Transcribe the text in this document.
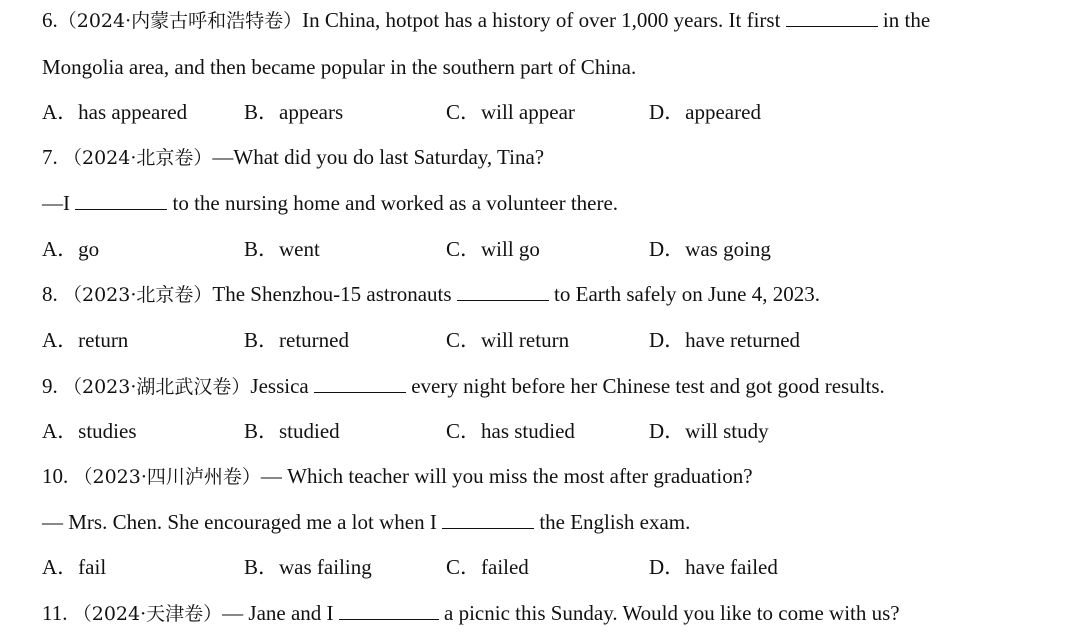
6.（2024·内蒙古呼和浩特卷）In China, hotpot has a history of over 1,000 years. It first	in the
Mongolia area, and then became popular in the southern part of China.
A．has appeared	B．appears	C．will appear	D．appeared
7. （2024·北京卷）—What did you do last Saturday, Tina?
—I	to the nursing home and worked as a volunteer there.
A．go	B．went	C．will go	D．was going
8. （2023·北京卷）The Shenzhou-15 astronauts	to Earth safely on June 4, 2023.
A．return	B．returned	C．will return	D．have returned
9. （2023·湖北武汉卷）Jessica	every night before her Chinese test and got good results.
A．studies	B．studied	C．has studied	D．will study
10. （2023·四川泸州卷）— Which teacher will you miss the most after graduation?
— Mrs. Chen. She encouraged me a lot when I	the English exam.
A．fail	B．was failing	C．failed	D．have failed
11. （2024·天津卷）— Jane and I	a picnic this Sunday. Would you like to come with us?
